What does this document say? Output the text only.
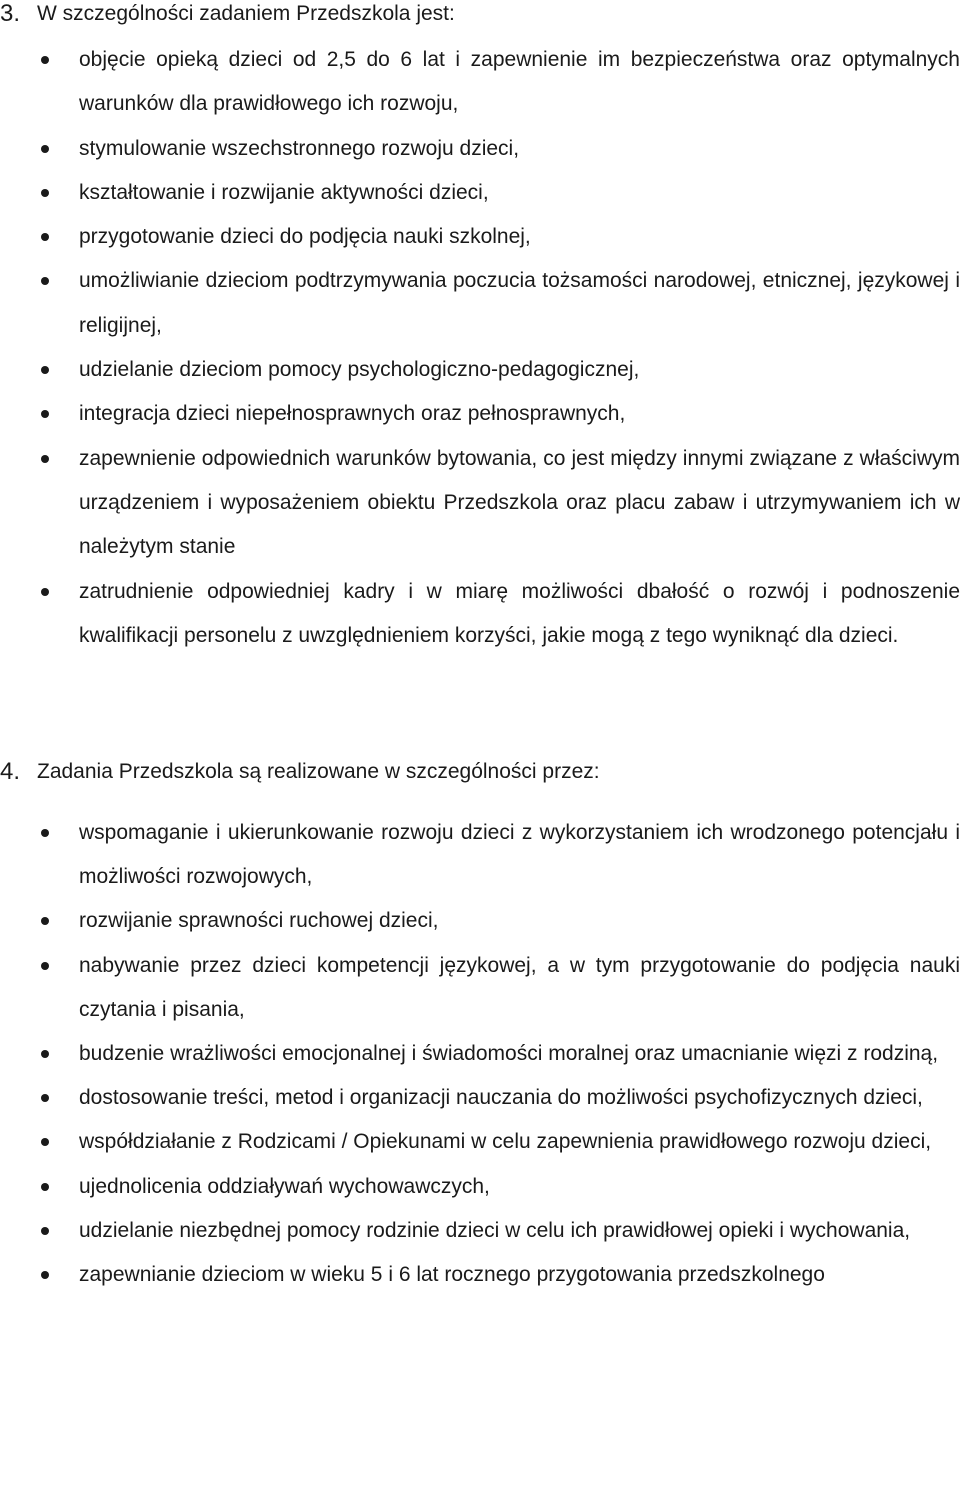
3. W szczególności zadaniem Przedszkola jest:
objęcie opieką dzieci od 2,5 do 6 lat i zapewnienie im bezpieczeństwa oraz optymalnych warunków dla prawidłowego ich rozwoju,
stymulowanie wszechstronnego rozwoju dzieci,
kształtowanie i rozwijanie aktywności dzieci,
przygotowanie dzieci do podjęcia nauki szkolnej,
umożliwianie dzieciom podtrzymywania poczucia tożsamości narodowej, etnicznej, językowej i religijnej,
udzielanie dzieciom pomocy psychologiczno-pedagogicznej,
integracja dzieci niepełnosprawnych oraz pełnosprawnych,
zapewnienie odpowiednich warunków bytowania, co jest między innymi związane z właściwym urządzeniem i wyposażeniem obiektu Przedszkola oraz placu zabaw i utrzymywaniem ich w należytym stanie
zatrudnienie odpowiedniej kadry i w miarę możliwości dbałość o rozwój i podnoszenie kwalifikacji personelu z uwzględnieniem korzyści, jakie mogą z tego wyniknąć dla dzieci.
4. Zadania Przedszkola są realizowane w szczególności przez:
wspomaganie i ukierunkowanie rozwoju dzieci z wykorzystaniem ich wrodzonego potencjału i możliwości rozwojowych,
rozwijanie sprawności ruchowej dzieci,
nabywanie przez dzieci kompetencji językowej, a w tym przygotowanie do podjęcia nauki czytania i pisania,
budzenie wrażliwości emocjonalnej i świadomości moralnej oraz umacnianie więzi z rodziną,
dostosowanie treści, metod i organizacji nauczania do możliwości psychofizycznych dzieci,
współdziałanie z Rodzicami / Opiekunami w celu zapewnienia prawidłowego rozwoju dzieci,
ujednolicenia oddziaływań wychowawczych,
udzielanie niezbędnej pomocy rodzinie dzieci w celu ich prawidłowej opieki i wychowania,
zapewnianie dzieciom w wieku 5 i 6 lat rocznego przygotowania przedszkolnego
